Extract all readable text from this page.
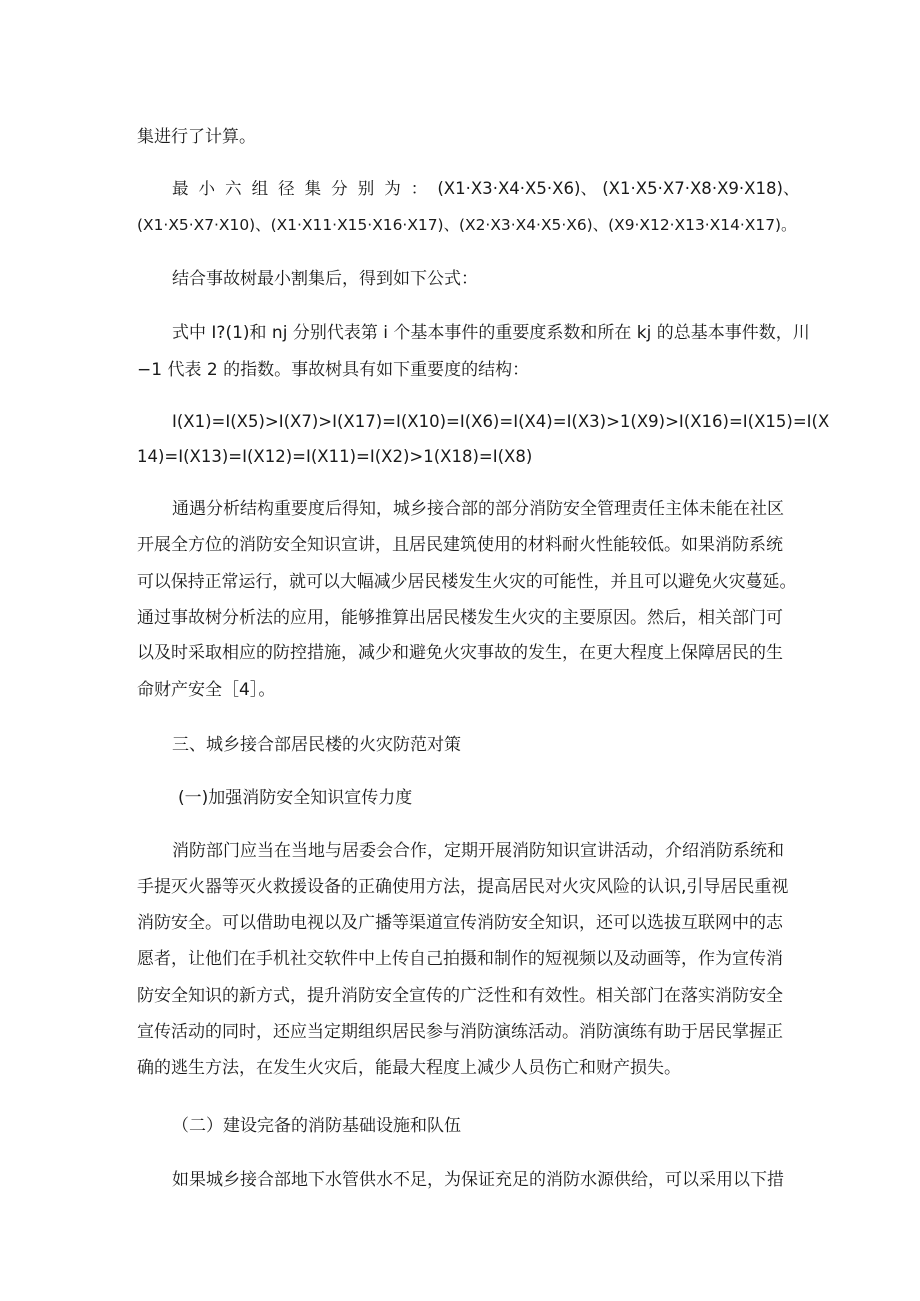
集进行了计算。
最小六组径集分别为： (X1·X3·X4·X5·X6)、 (X1·X5·X7·X8·X9·X18)、
(X1·X5·X7·X10)、(X1·X11·X15·X16·X17)、(X2·X3·X4·X5·X6)、(X9·X12·X13·X14·X17)。
结合事故树最小割集后，得到如下公式：
式中 I?(1)和 nj 分别代表第 i 个基本事件的重要度系数和所在 kj 的总基本事件数，川
−1 代表 2 的指数。事故树具有如下重要度的结构：
I(X1)=I(X5)>I(X7)>I(X17)=I(X10)=I(X6)=I(X4)=I(X3)>1(X9)>I(X16)=I(X15)=I(X
14)=I(X13)=I(X12)=I(X11)=I(X2)>1(X18)=I(X8)
通遇分析结构重要度后得知，城乡接合部的部分消防安全管理责任主体未能在社区
开展全方位的消防安全知识宣讲，且居民建筑使用的材料耐火性能较低。如果消防系统
可以保持正常运行，就可以大幅减少居民楼发生火灾的可能性，并且可以避免火灾蔓延。
通过事故树分析法的应用，能够推算出居民楼发生火灾的主要原因。然后，相关部门可
以及时采取相应的防控措施，减少和避免火灾事故的发生，在更大程度上保障居民的生
命财产安全［4］。
三、城乡接合部居民楼的火灾防范对策
(一)加强消防安全知识宣传力度
消防部门应当在当地与居委会合作，定期开展消防知识宣讲活动，介绍消防系统和
手提灭火器等灭火救援设备的正确使用方法，提高居民对火灾风险的认识,引导居民重视
消防安全。可以借助电视以及广播等渠道宣传消防安全知识，还可以选拔互联网中的志
愿者，让他们在手机社交软件中上传自己拍摄和制作的短视频以及动画等，作为宣传消
防安全知识的新方式，提升消防安全宣传的广泛性和有效性。相关部门在落实消防安全
宣传活动的同时，还应当定期组织居民参与消防演练活动。消防演练有助于居民掌握正
确的逃生方法，在发生火灾后，能最大程度上减少人员伤亡和财产损失。
（二）建设完备的消防基础设施和队伍
如果城乡接合部地下水管供水不足，为保证充足的消防水源供给，可以采用以下措
